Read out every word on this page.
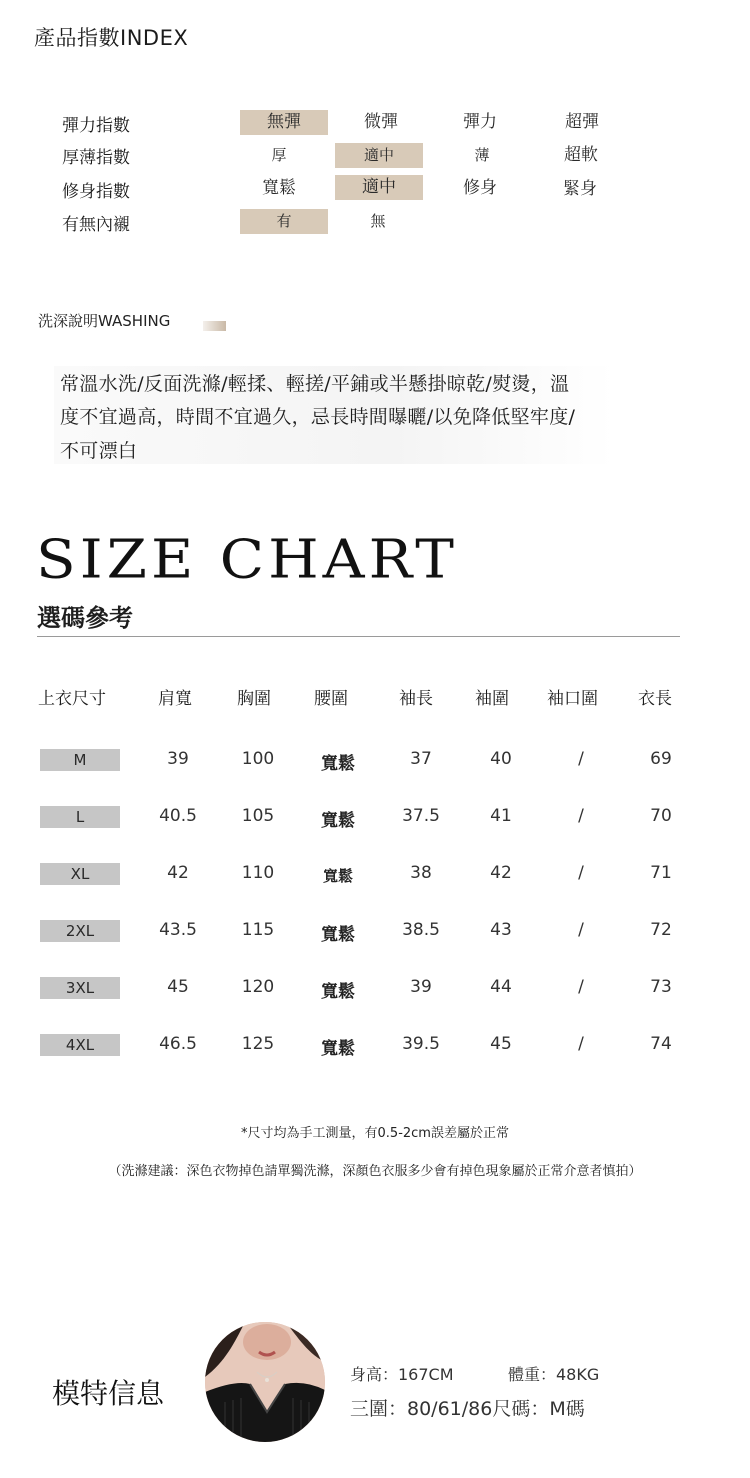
產品指數INDEX
彈力指數	無彈	微彈	彈力	超彈
厚薄指數	厚	適中	薄	超軟
修身指數	寬鬆	適中	修身	緊身
有無內襯	有	無
洗深說明WASHING
常溫水洗/反面洗滌/輕揉、輕搓/平鋪或半懸掛晾乾/熨燙，溫
度不宜過高，時間不宜過久，忌長時間曝曬/以免降低堅牢度/
不可漂白
SIZE CHART
選碼參考
上衣尺寸	肩寬	胸圍	腰圍	袖長 袖圍 袖口圍 衣長
M	39	100	寬鬆	37	40	/	69
L	40.5	105	寬鬆	37.5	41	/	70
XL	42	110	寬鬆	38	42	/	71
2XL	43.5	115	寬鬆	38.5	43	/	72
3XL	45	120	寬鬆	39	44	/	73
4XL	46.5	125	寬鬆	39.5	45	/	74
*尺寸均為手工測量，有0.5-2cm誤差屬於正常
（洗滌建議：深色衣物掉色請單獨洗滌，深顏色衣服多少會有掉色現象屬於正常介意者慎拍）
模特信息
身高：167CM	體重：48KG
三圍：80/61/86尺碼：M碼
